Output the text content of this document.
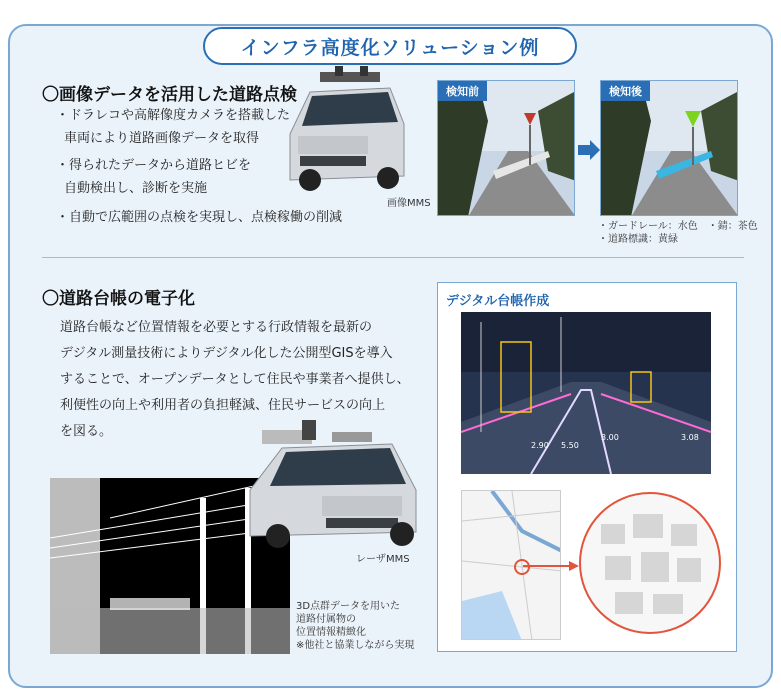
インフラ高度化ソリューション例
〇画像データを活用した道路点検
・ドラレコや高解像度カメラを搭載した
車両により道路画像データを取得
・得られたデータから道路ヒビを
自動検出し、診断を実施
・自動で広範囲の点検を実現し、点検稼働の削減
画像MMS
検知前	検知後
・ガードレール：水色　・錆：茶色
・道路標識：黄緑
〇道路台帳の電子化
道路台帳など位置情報を必要とする行政情報を最新の
デジタル測量技術によりデジタル化した公開型GISを導入
することで、オープンデータとして住民や事業者へ提供し、
利便性の向上や利用者の負担軽減、住民サービスの向上
を図る。
レーザMMS
3D点群データを用いた
道路付属物の
位置情報精緻化
※他社と協業しながら実現
デジタル台帳作成
2.90
3.00	3.08
5.50
